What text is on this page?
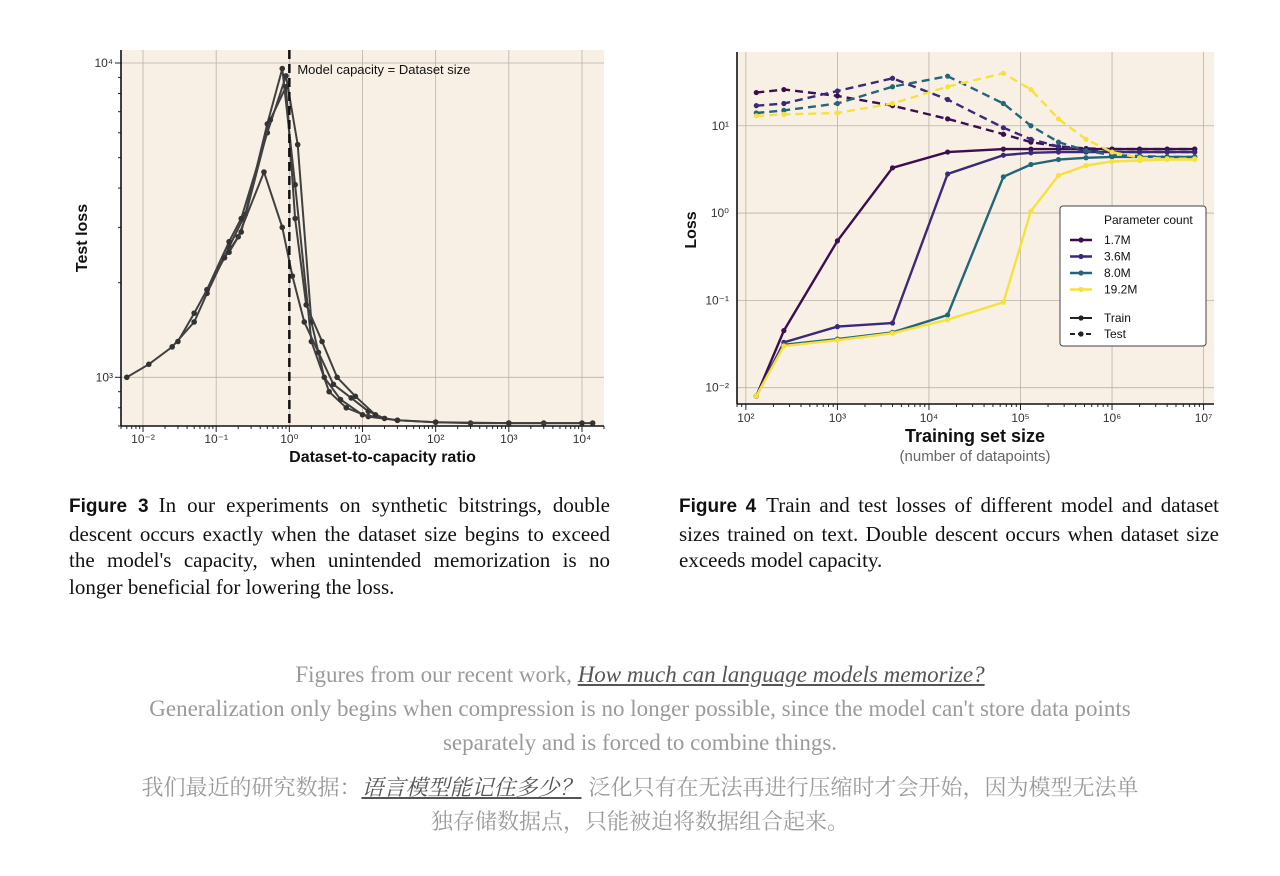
10⁻²	10⁻¹	10⁰	10¹	10²	10³	10⁴
10³
10⁴
Dataset-to-capacity ratio
Test loss
Model capacity = Dataset size
10²	10³	10⁴	10⁵	10⁶	10⁷
10⁻²
10⁻¹
10⁰
10¹
Training set size
(number of datapoints)
Loss	Parameter count
1.7M
3.6M
8.0M
19.2M
Train
Test
Figure 3 In our experiments on synthetic bitstrings, double descent occurs exactly when the dataset size begins to exceed the model's capacity, when unintended memorization is no longer beneficial for lowering the loss.
Figure 4 Train and test losses of different model and dataset sizes trained on text. Double descent occurs when dataset size exceeds model capacity.
Figures from our recent work, How much can language models memorize?
Generalization only begins when compression is no longer possible, since the model can't store data points separately and is forced to combine things.
我们最近的研究数据：语言模型能记住多少？ 泛化只有在无法再进行压缩时才会开始，因为模型无法单独存储数据点，只能被迫将数据组合起来。
